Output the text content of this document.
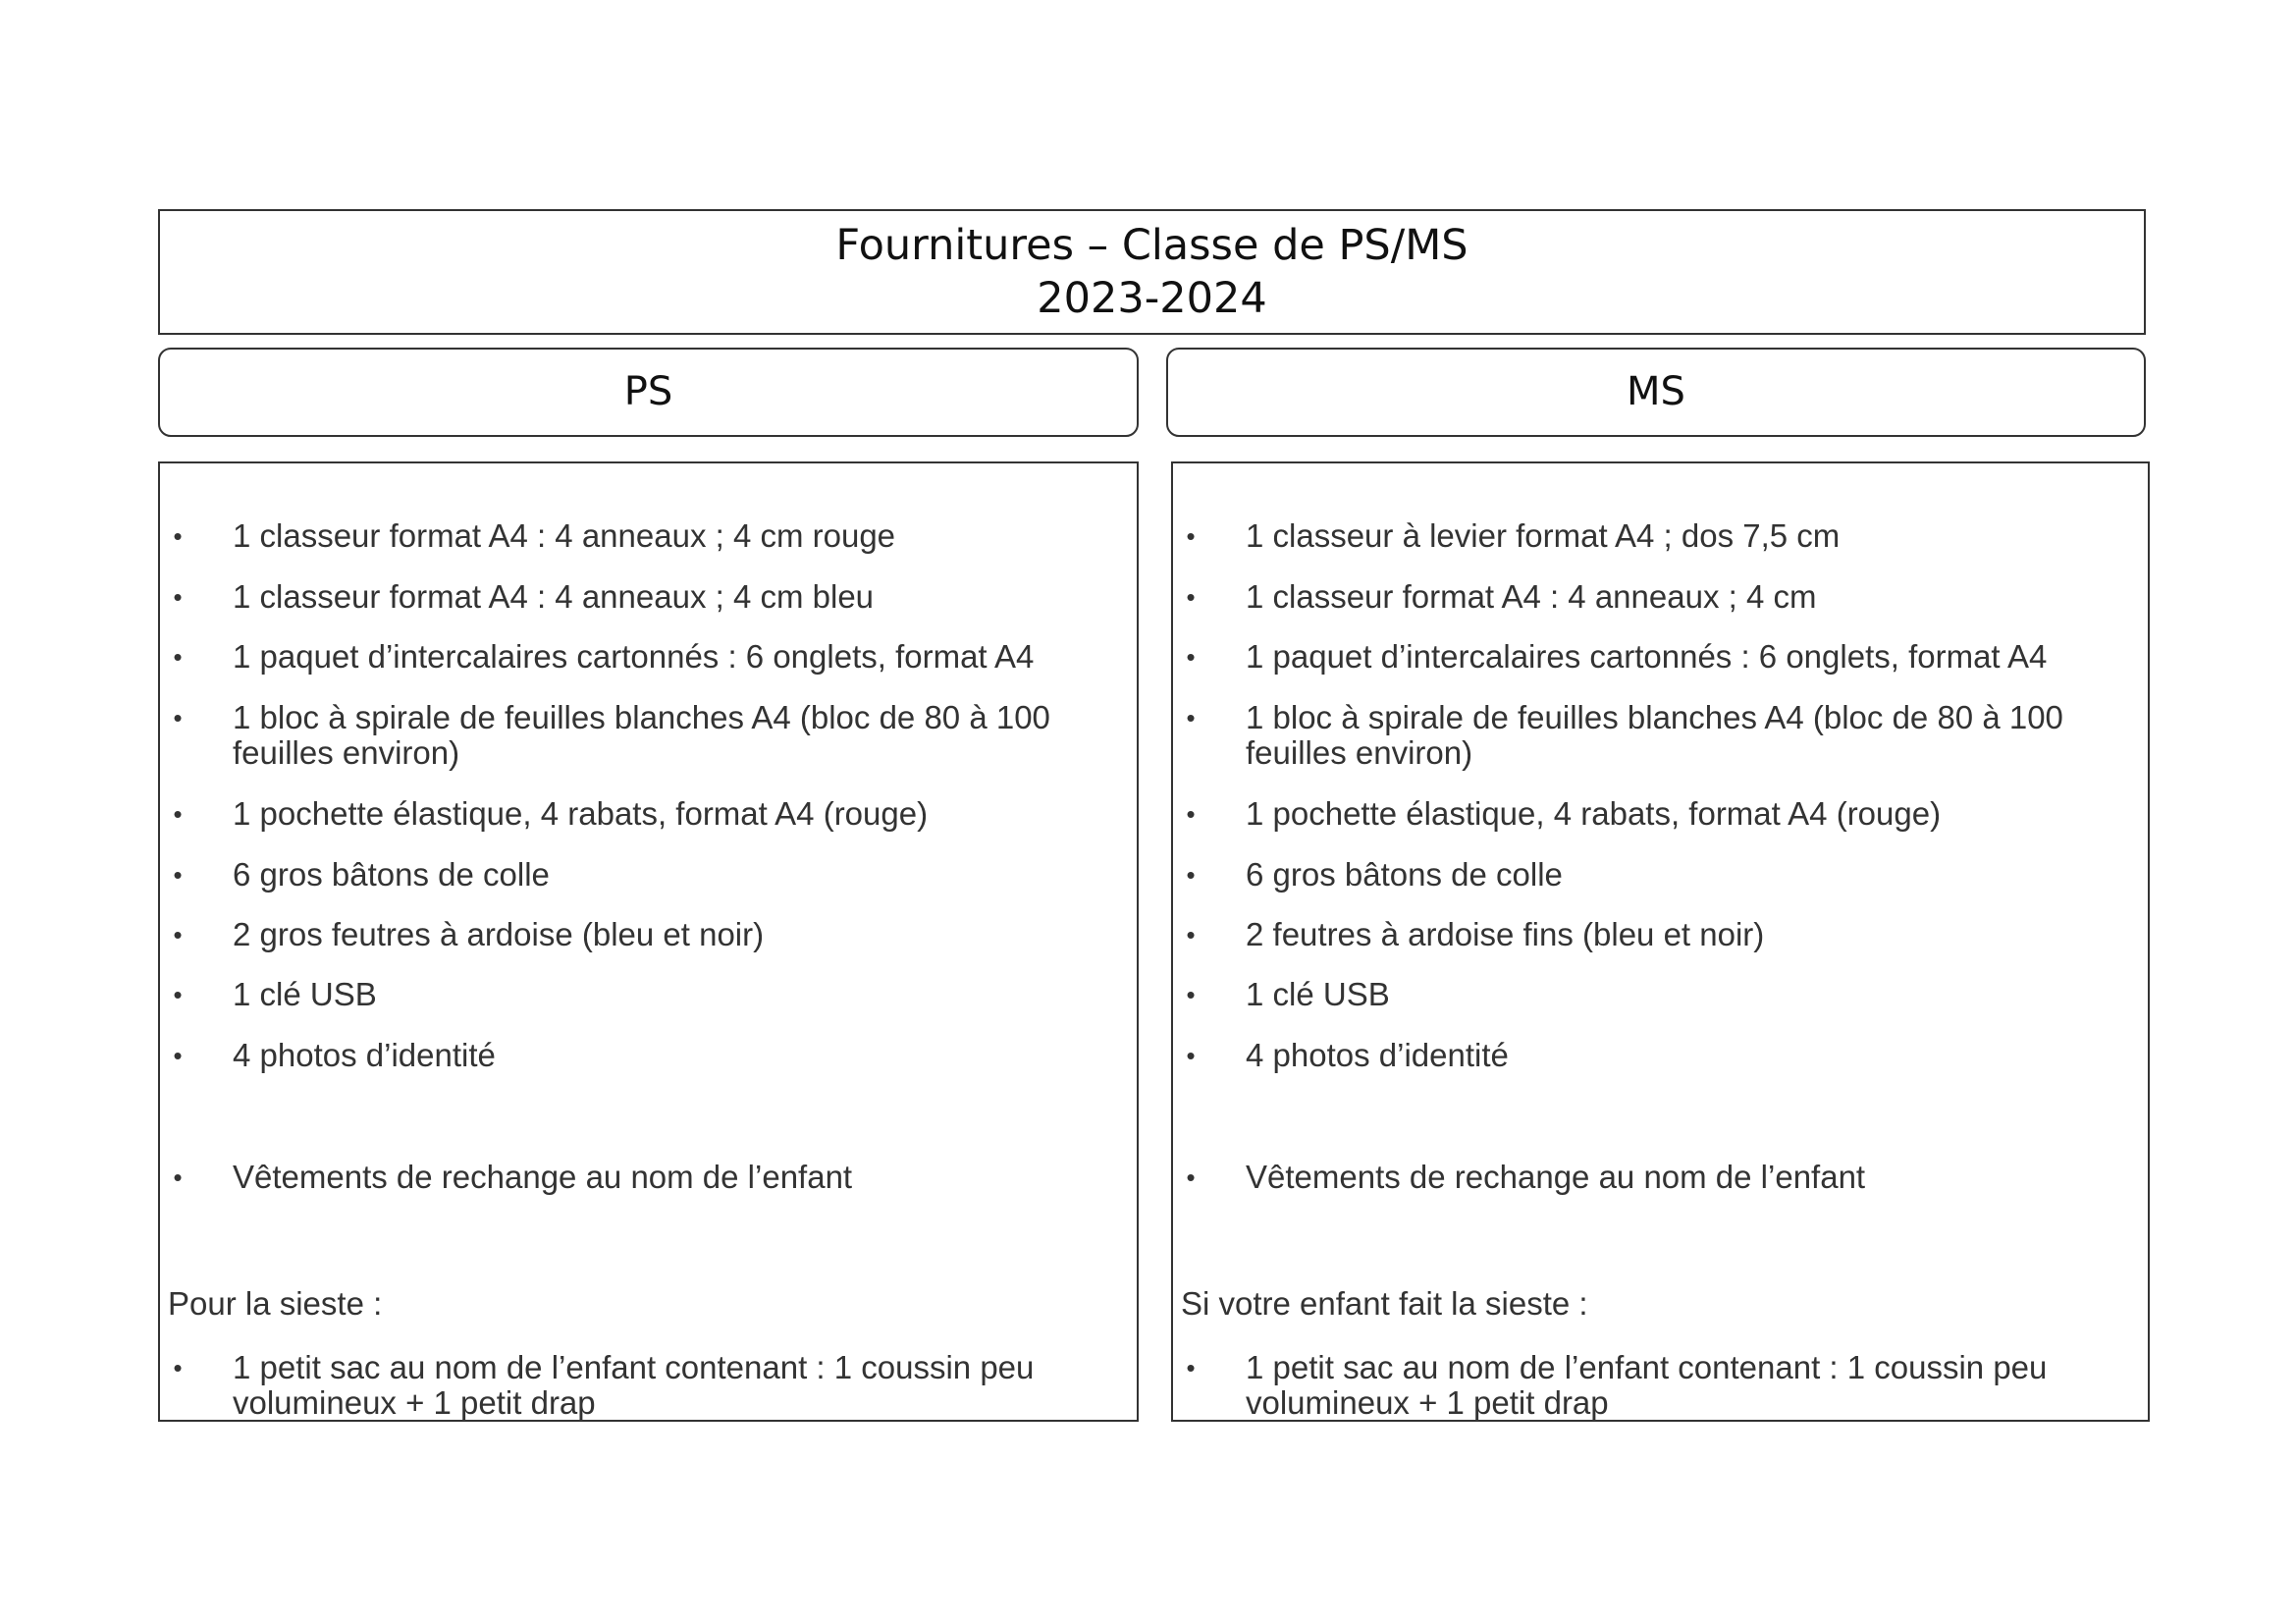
Fournitures – Classe de PS/MS
2023-2024
PS	MS
• 1 classeur format A4 : 4 anneaux ; 4 cm rouge
• 1 classeur format A4 : 4 anneaux ; 4 cm bleu
• 1 paquet d’intercalaires cartonnés : 6 onglets, format A4
• 1 bloc à spirale de feuilles blanches A4 (bloc de 80 à 100 feuilles environ)
• 1 pochette élastique, 4 rabats, format A4 (rouge)
• 6 gros bâtons de colle
• 2 gros feutres à ardoise (bleu et noir)
• 1 clé USB
• 4 photos d’identité
• Vêtements de rechange au nom de l’enfant
Pour la sieste :
• 1 petit sac au nom de l’enfant contenant : 1 coussin peu volumineux + 1 petit drap
• 1 classeur à levier format A4 ; dos 7,5 cm
• 1 classeur format A4 : 4 anneaux ; 4 cm
• 1 paquet d’intercalaires cartonnés : 6 onglets, format A4
• 1 bloc à spirale de feuilles blanches A4 (bloc de 80 à 100 feuilles environ)
• 1 pochette élastique, 4 rabats, format A4 (rouge)
• 6 gros bâtons de colle
• 2 feutres à ardoise fins (bleu et noir)
• 1 clé USB
• 4 photos d’identité
• Vêtements de rechange au nom de l’enfant
Si votre enfant fait la sieste :
• 1 petit sac au nom de l’enfant contenant : 1 coussin peu volumineux + 1 petit drap
